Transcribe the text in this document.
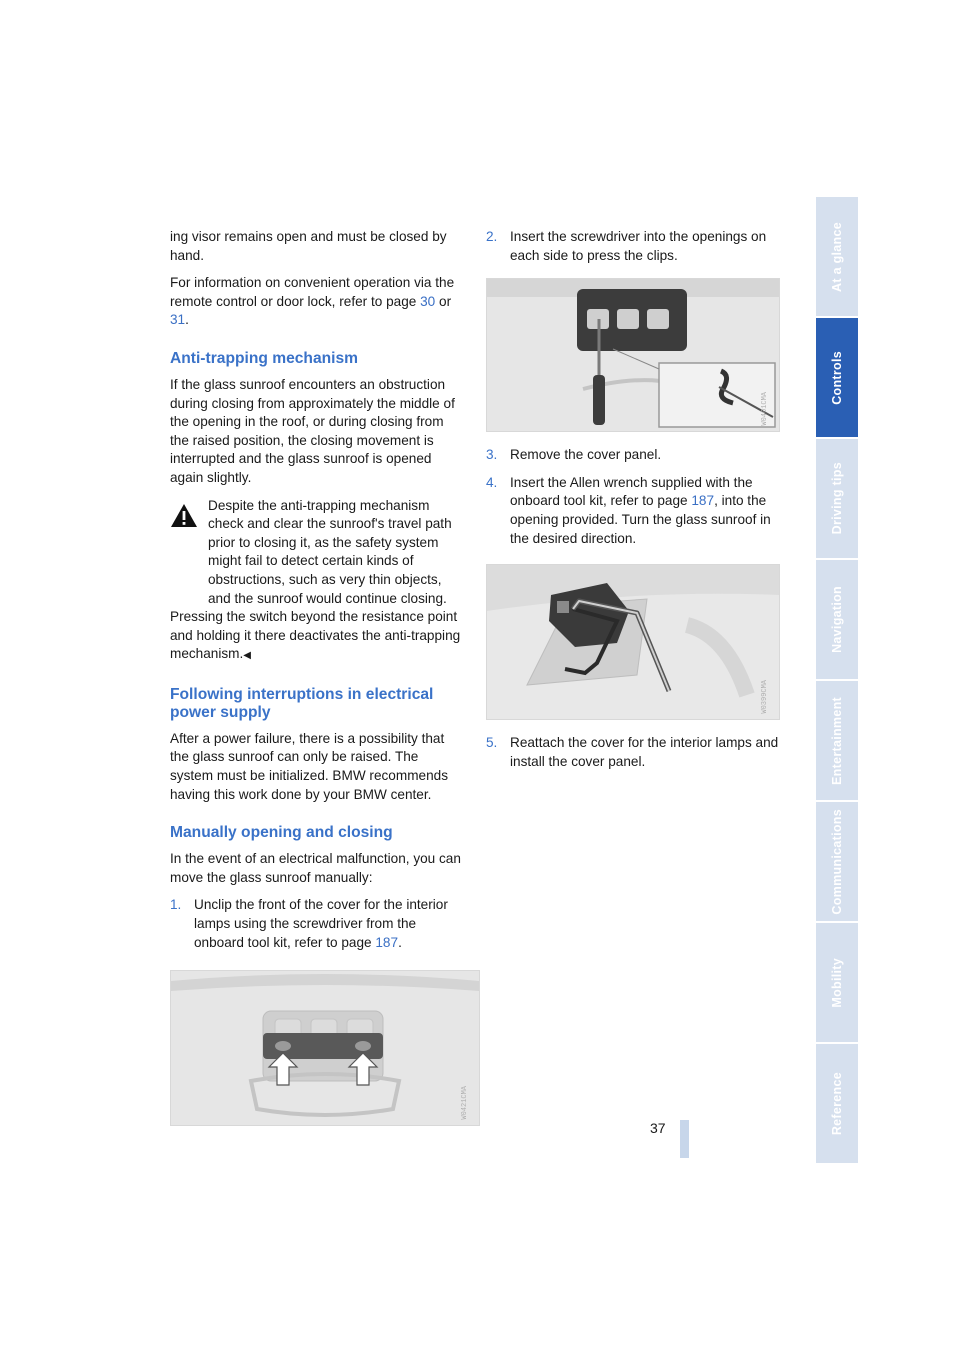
ing visor remains open and must be closed by hand.

For information on convenient operation via the remote control or door lock, refer to page 30 or 31.

Anti-trapping mechanism

If the glass sunroof encounters an obstruction during closing from approximately the middle of the opening in the roof, or during closing from the raised position, the closing movement is interrupted and the glass sunroof is opened again slightly.

Despite the anti-trapping mechanism check and clear the sunroof's travel path prior to closing it, as the safety system might fail to detect certain kinds of obstructions, such as very thin objects, and the sunroof would continue closing.
Pressing the switch beyond the resistance point and holding it there deactivates the anti-trapping mechanism.◀
Following interruptions in electrical power supply

After a power failure, there is a possibility that the glass sunroof can only be raised. The system must be initialized. BMW recommends having this work done by your BMW center.

Manually opening and closing

In the event of an electrical malfunction, you can move the glass sunroof manually:

1. Unclip the front of the cover for the interior lamps using the screwdriver from the onboard tool kit, refer to page 187.
W0421CMA
2. Insert the screwdriver into the openings on each side to press the clips.
W0401CMA
3. Remove the cover panel.
4. Insert the Allen wrench supplied with the onboard tool kit, refer to page 187, into the opening provided. Turn the glass sunroof in the desired direction.
W0399CMA
5. Reattach the cover for the interior lamps and install the cover panel.
At a glance
Controls
Driving tips
Navigation
Entertainment
Communications
Mobility
Reference
37
